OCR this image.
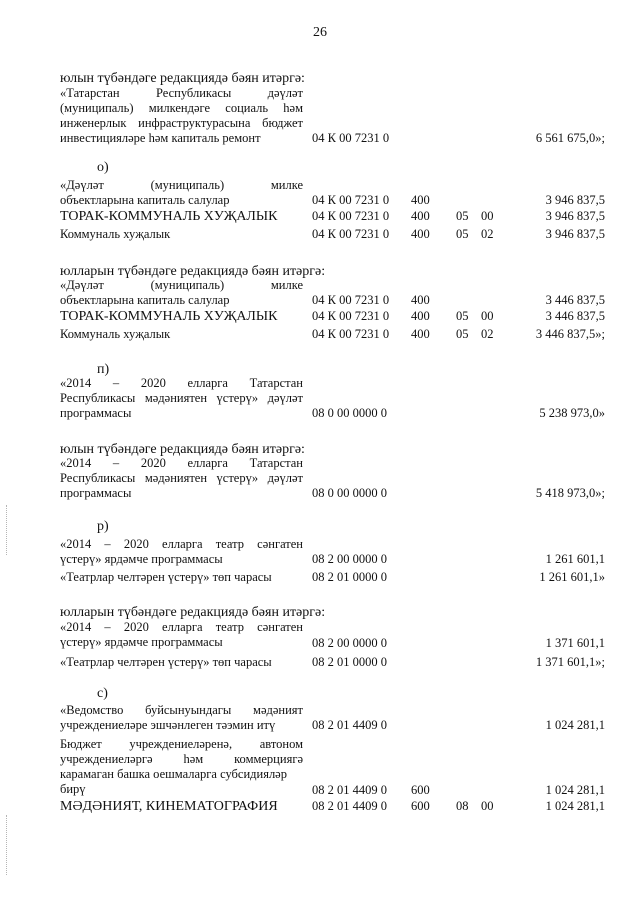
26
юлын түбәндәге редакциядә бәян итәргә:
«Татарстан Республикасы дәүләт
(муниципаль) милкендәге социаль һәм
инженерлык инфраструктурасына бюджет
инвестицияләре һәм капиталь ремонт	04 К 00 7231 0	6 561 675,0»;
о)
«Дәүләт (муниципаль) милке
объектларына капиталь салулар	04 К 00 7231 0 400	3 946 837,5
ТОРАК-КОММУНАЛЬ ХУҖАЛЫК	04 К 00 7231 0 400 05 00	3 946 837,5
Коммуналь хуҗалык	04 К 00 7231 0 400 05 02	3 946 837,5
юлларын түбәндәге редакциядә бәян итәргә:
«Дәүләт (муниципаль) милке
объектларына капиталь салулар	04 К 00 7231 0 400	3 446 837,5
ТОРАК-КОММУНАЛЬ ХУҖАЛЫК	04 К 00 7231 0 400 05 00	3 446 837,5
Коммуналь хуҗалык	04 К 00 7231 0 400 05 02	3 446 837,5»;
п)
«2014 – 2020 елларга Татарстан
Республикасы мәдәниятен үстерү» дәүләт
программасы	08 0 00 0000 0	5 238 973,0»
юлын түбәндәге редакциядә бәян итәргә:
«2014 – 2020 елларга Татарстан
Республикасы мәдәниятен үстерү» дәүләт
программасы	08 0 00 0000 0	5 418 973,0»;
р)
«2014 – 2020 елларга театр сәнгатен
үстерү» ярдәмче программасы	08 2 00 0000 0	1 261 601,1
«Театрлар челтәрен үстерү» төп чарасы	08 2 01 0000 0	1 261 601,1»
юлларын түбәндәге редакциядә бәян итәргә:
«2014 – 2020 елларга театр сәнгатен
үстерү» ярдәмче программасы	08 2 00 0000 0	1 371 601,1
«Театрлар челтәрен үстерү» төп чарасы	08 2 01 0000 0	1 371 601,1»;
с)
«Ведомство буйсынуындагы мәдәният
учреждениеләре эшчәнлеген тәэмин итү	08 2 01 4409 0	1 024 281,1
Бюджет учреждениеләренә, автоном
учреждениеләргә һәм коммерциягә
карамаган башка оешмаларга субсидияләр
бирү	08 2 01 4409 0 600	1 024 281,1
МӘДӘНИЯТ, КИНЕМАТОГРАФИЯ	08 2 01 4409 0 600 08 00	1 024 281,1
